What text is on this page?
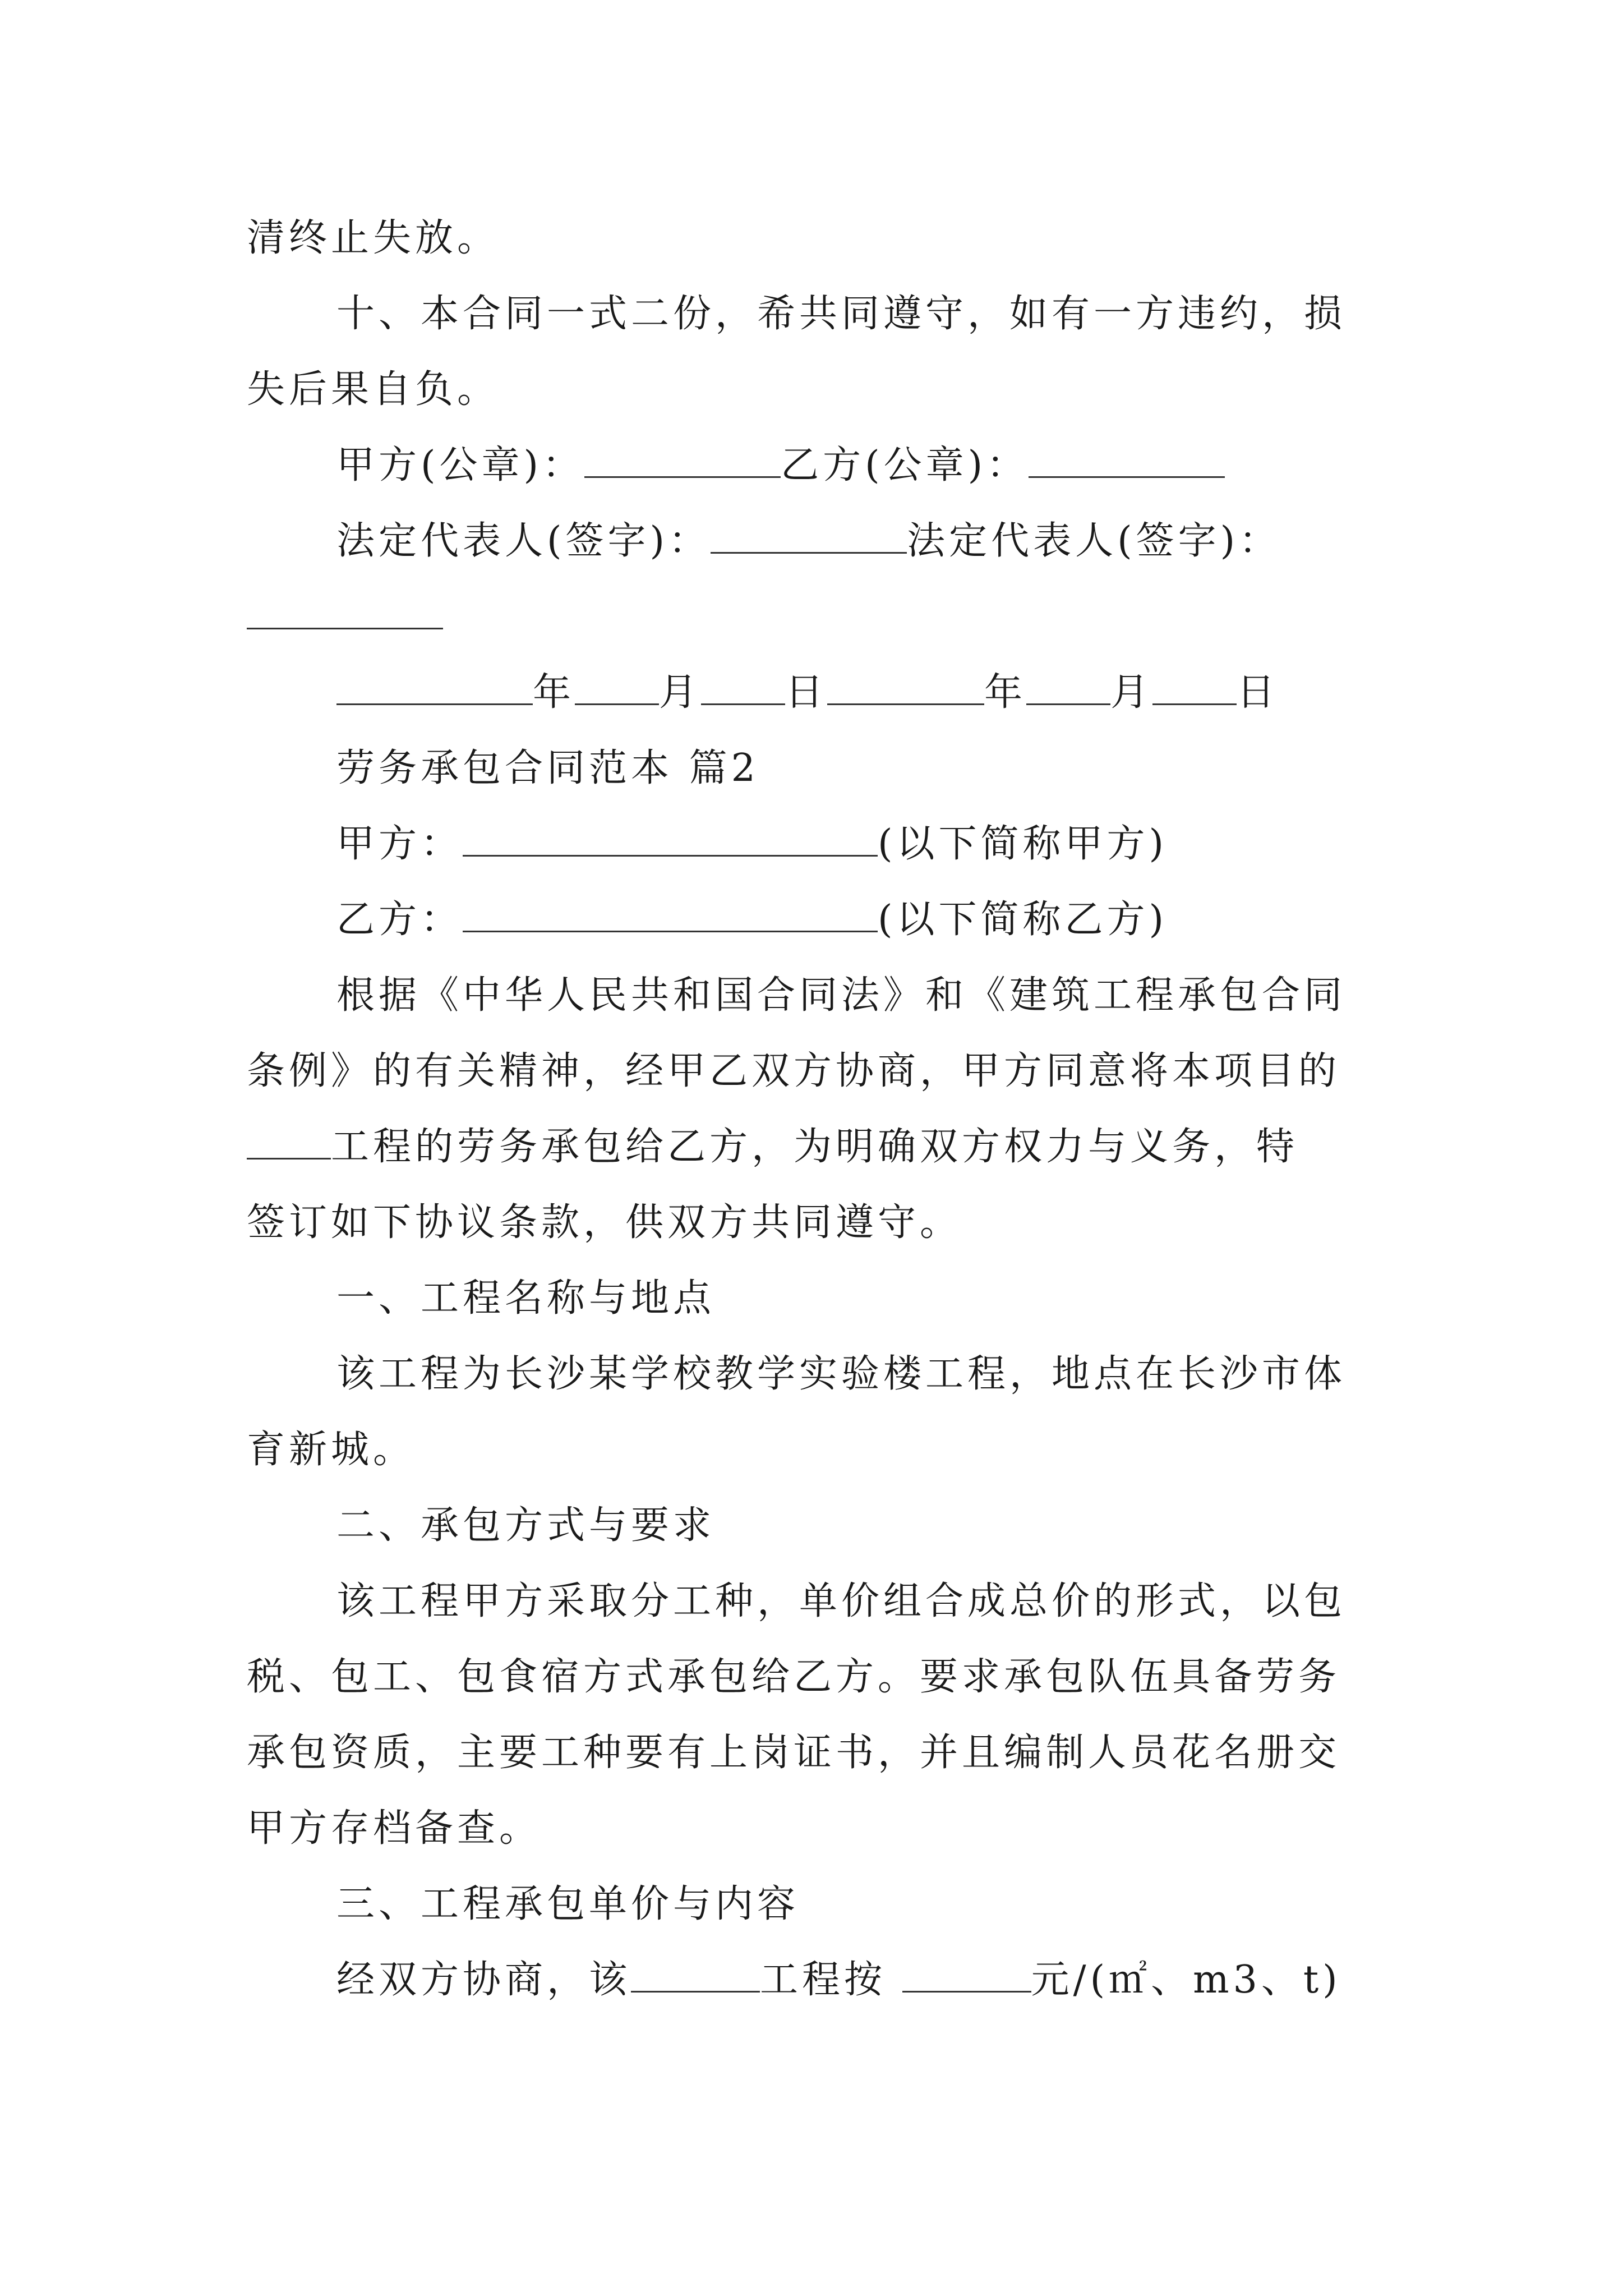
清终止失放。
十、本合同一式二份，希共同遵守，如有一方违约，损
失后果自负。
甲方(公章)：	乙方(公章)：
法定代表人(签字)：	法定代表人(签字)：
年 月 日	年 月 日
劳务承包合同范本 篇2
甲方：	(以下简称甲方)
乙方：	(以下简称乙方)
根据《中华人民共和国合同法》和《建筑工程承包合同
条例》的有关精神，经甲乙双方协商，甲方同意将本项目的
工程的劳务承包给乙方，为明确双方权力与义务，特
签订如下协议条款，供双方共同遵守。
一、工程名称与地点
该工程为长沙某学校教学实验楼工程，地点在长沙市体
育新城。
二、承包方式与要求
该工程甲方采取分工种，单价组合成总价的形式，以包
税、包工、包食宿方式承包给乙方。要求承包队伍具备劳务
承包资质，主要工种要有上岗证书，并且编制人员花名册交
甲方存档备查。
三、工程承包单价与内容
经双方协商，该	工程按	元/(㎡、m3、t)
